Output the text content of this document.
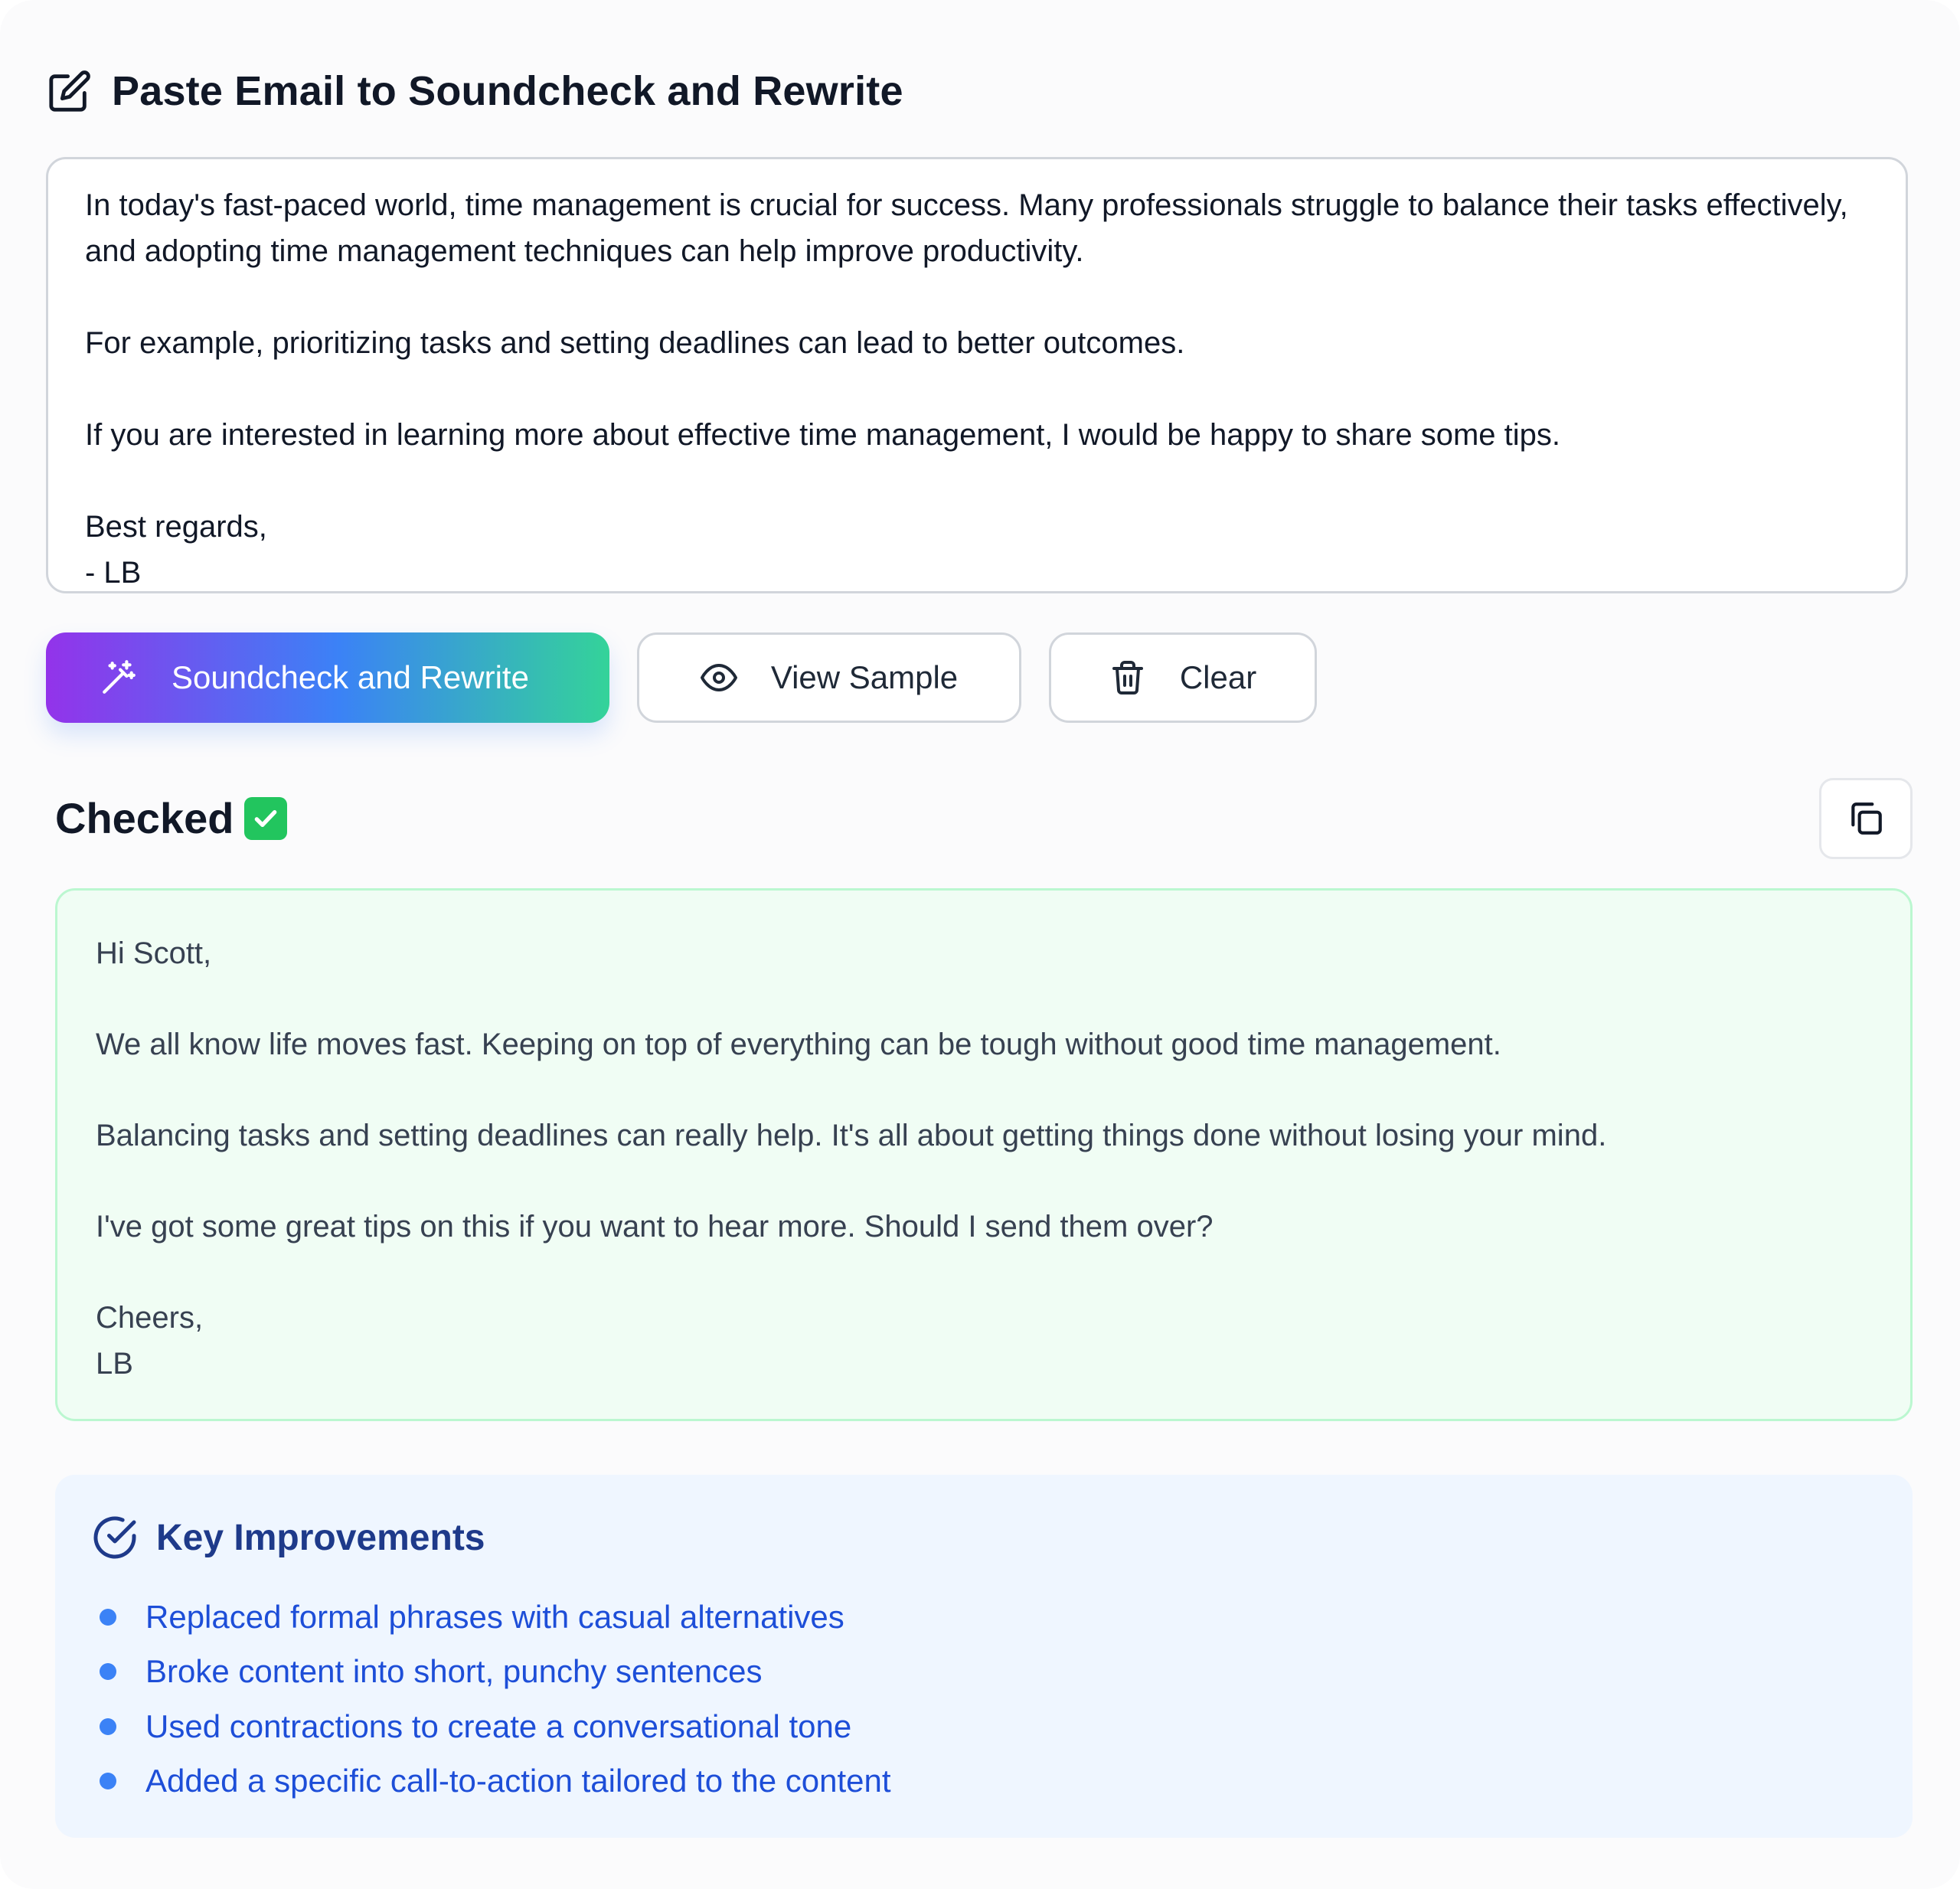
Paste Email to Soundcheck and Rewrite

In today's fast-paced world, time management is crucial for success. Many professionals struggle to balance their tasks effectively, and adopting time management techniques can help improve productivity.

For example, prioritizing tasks and setting deadlines can lead to better outcomes.

If you are interested in learning more about effective time management, I would be happy to share some tips.

Best regards,
- LB

Soundcheck and Rewrite	View Sample	Clear
Checked

Hi Scott,

We all know life moves fast. Keeping on top of everything can be tough without good time management.

Balancing tasks and setting deadlines can really help. It's all about getting things done without losing your mind.

I've got some great tips on this if you want to hear more. Should I send them over?

Cheers,

LB

Key Improvements
Replaced formal phrases with casual alternatives
Broke content into short, punchy sentences
Used contractions to create a conversational tone
Added a specific call-to-action tailored to the content
